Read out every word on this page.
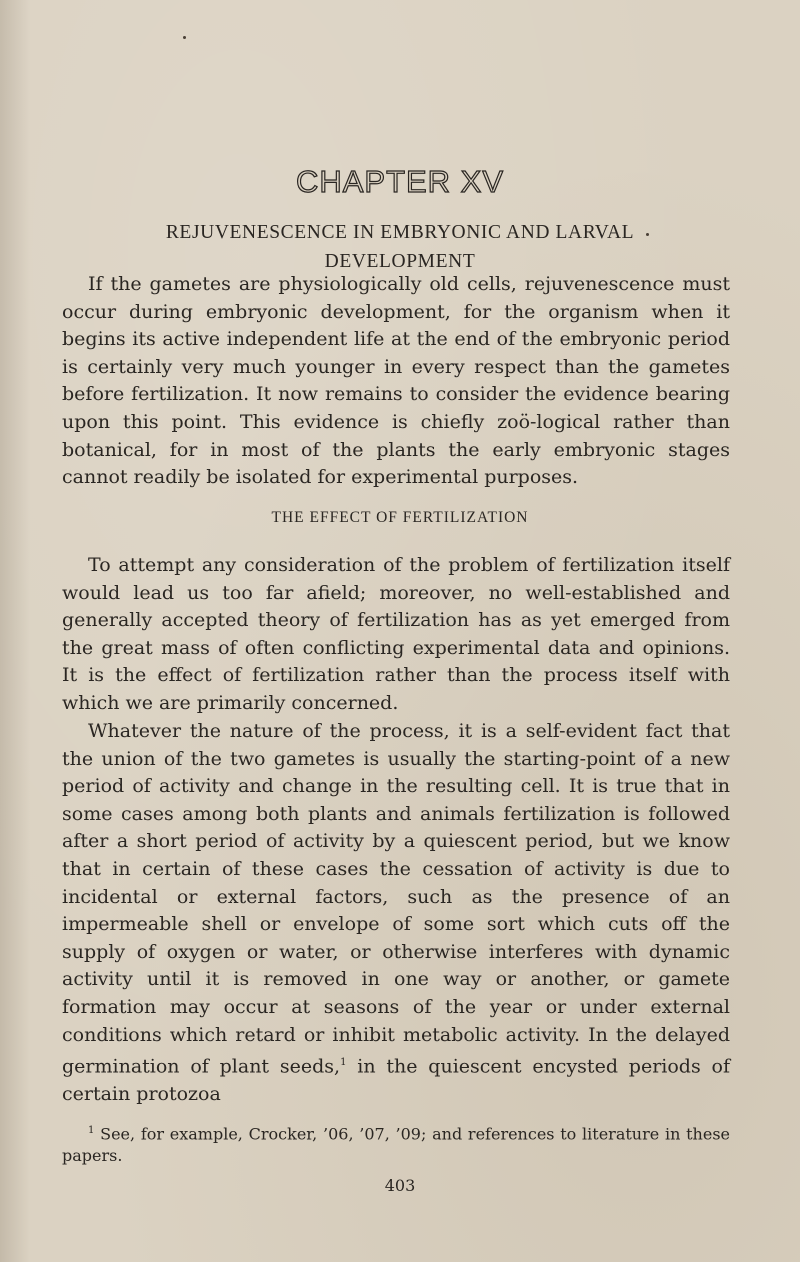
CHAPTER XV
REJUVENESCENCE IN EMBRYONIC AND LARVAL
DEVELOPMENT

If the gametes are physiologically old cells, rejuvenescence must occur during embryonic development, for the organism when it begins its active independent life at the end of the embryonic period is certainly very much younger in every respect than the gametes before fertilization. It now remains to consider the evidence bearing upon this point. This evidence is chiefly zoö-logical rather than botanical, for in most of the plants the early embryonic stages cannot readily be isolated for experimental purposes.

THE EFFECT OF FERTILIZATION

To attempt any consideration of the problem of fertilization itself would lead us too far afield; moreover, no well-established and generally accepted theory of fertilization has as yet emerged from the great mass of often conflicting experimental data and opinions. It is the effect of fertilization rather than the process itself with which we are primarily concerned.

Whatever the nature of the process, it is a self-evident fact that the union of the two gametes is usually the starting-point of a new period of activity and change in the resulting cell. It is true that in some cases among both plants and animals fertilization is followed after a short period of activity by a quiescent period, but we know that in certain of these cases the cessation of activity is due to incidental or external factors, such as the presence of an impermeable shell or envelope of some sort which cuts off the supply of oxygen or water, or otherwise interferes with dynamic activity until it is removed in one way or another, or gamete formation may occur at seasons of the year or under external conditions which retard or inhibit metabolic activity. In the delayed germination of plant seeds,$^1$ in the quiescent encysted periods of certain protozoa

$^1$ See, for example, Crocker, ’06, ’07, ’09; and references to literature in these papers.

403
